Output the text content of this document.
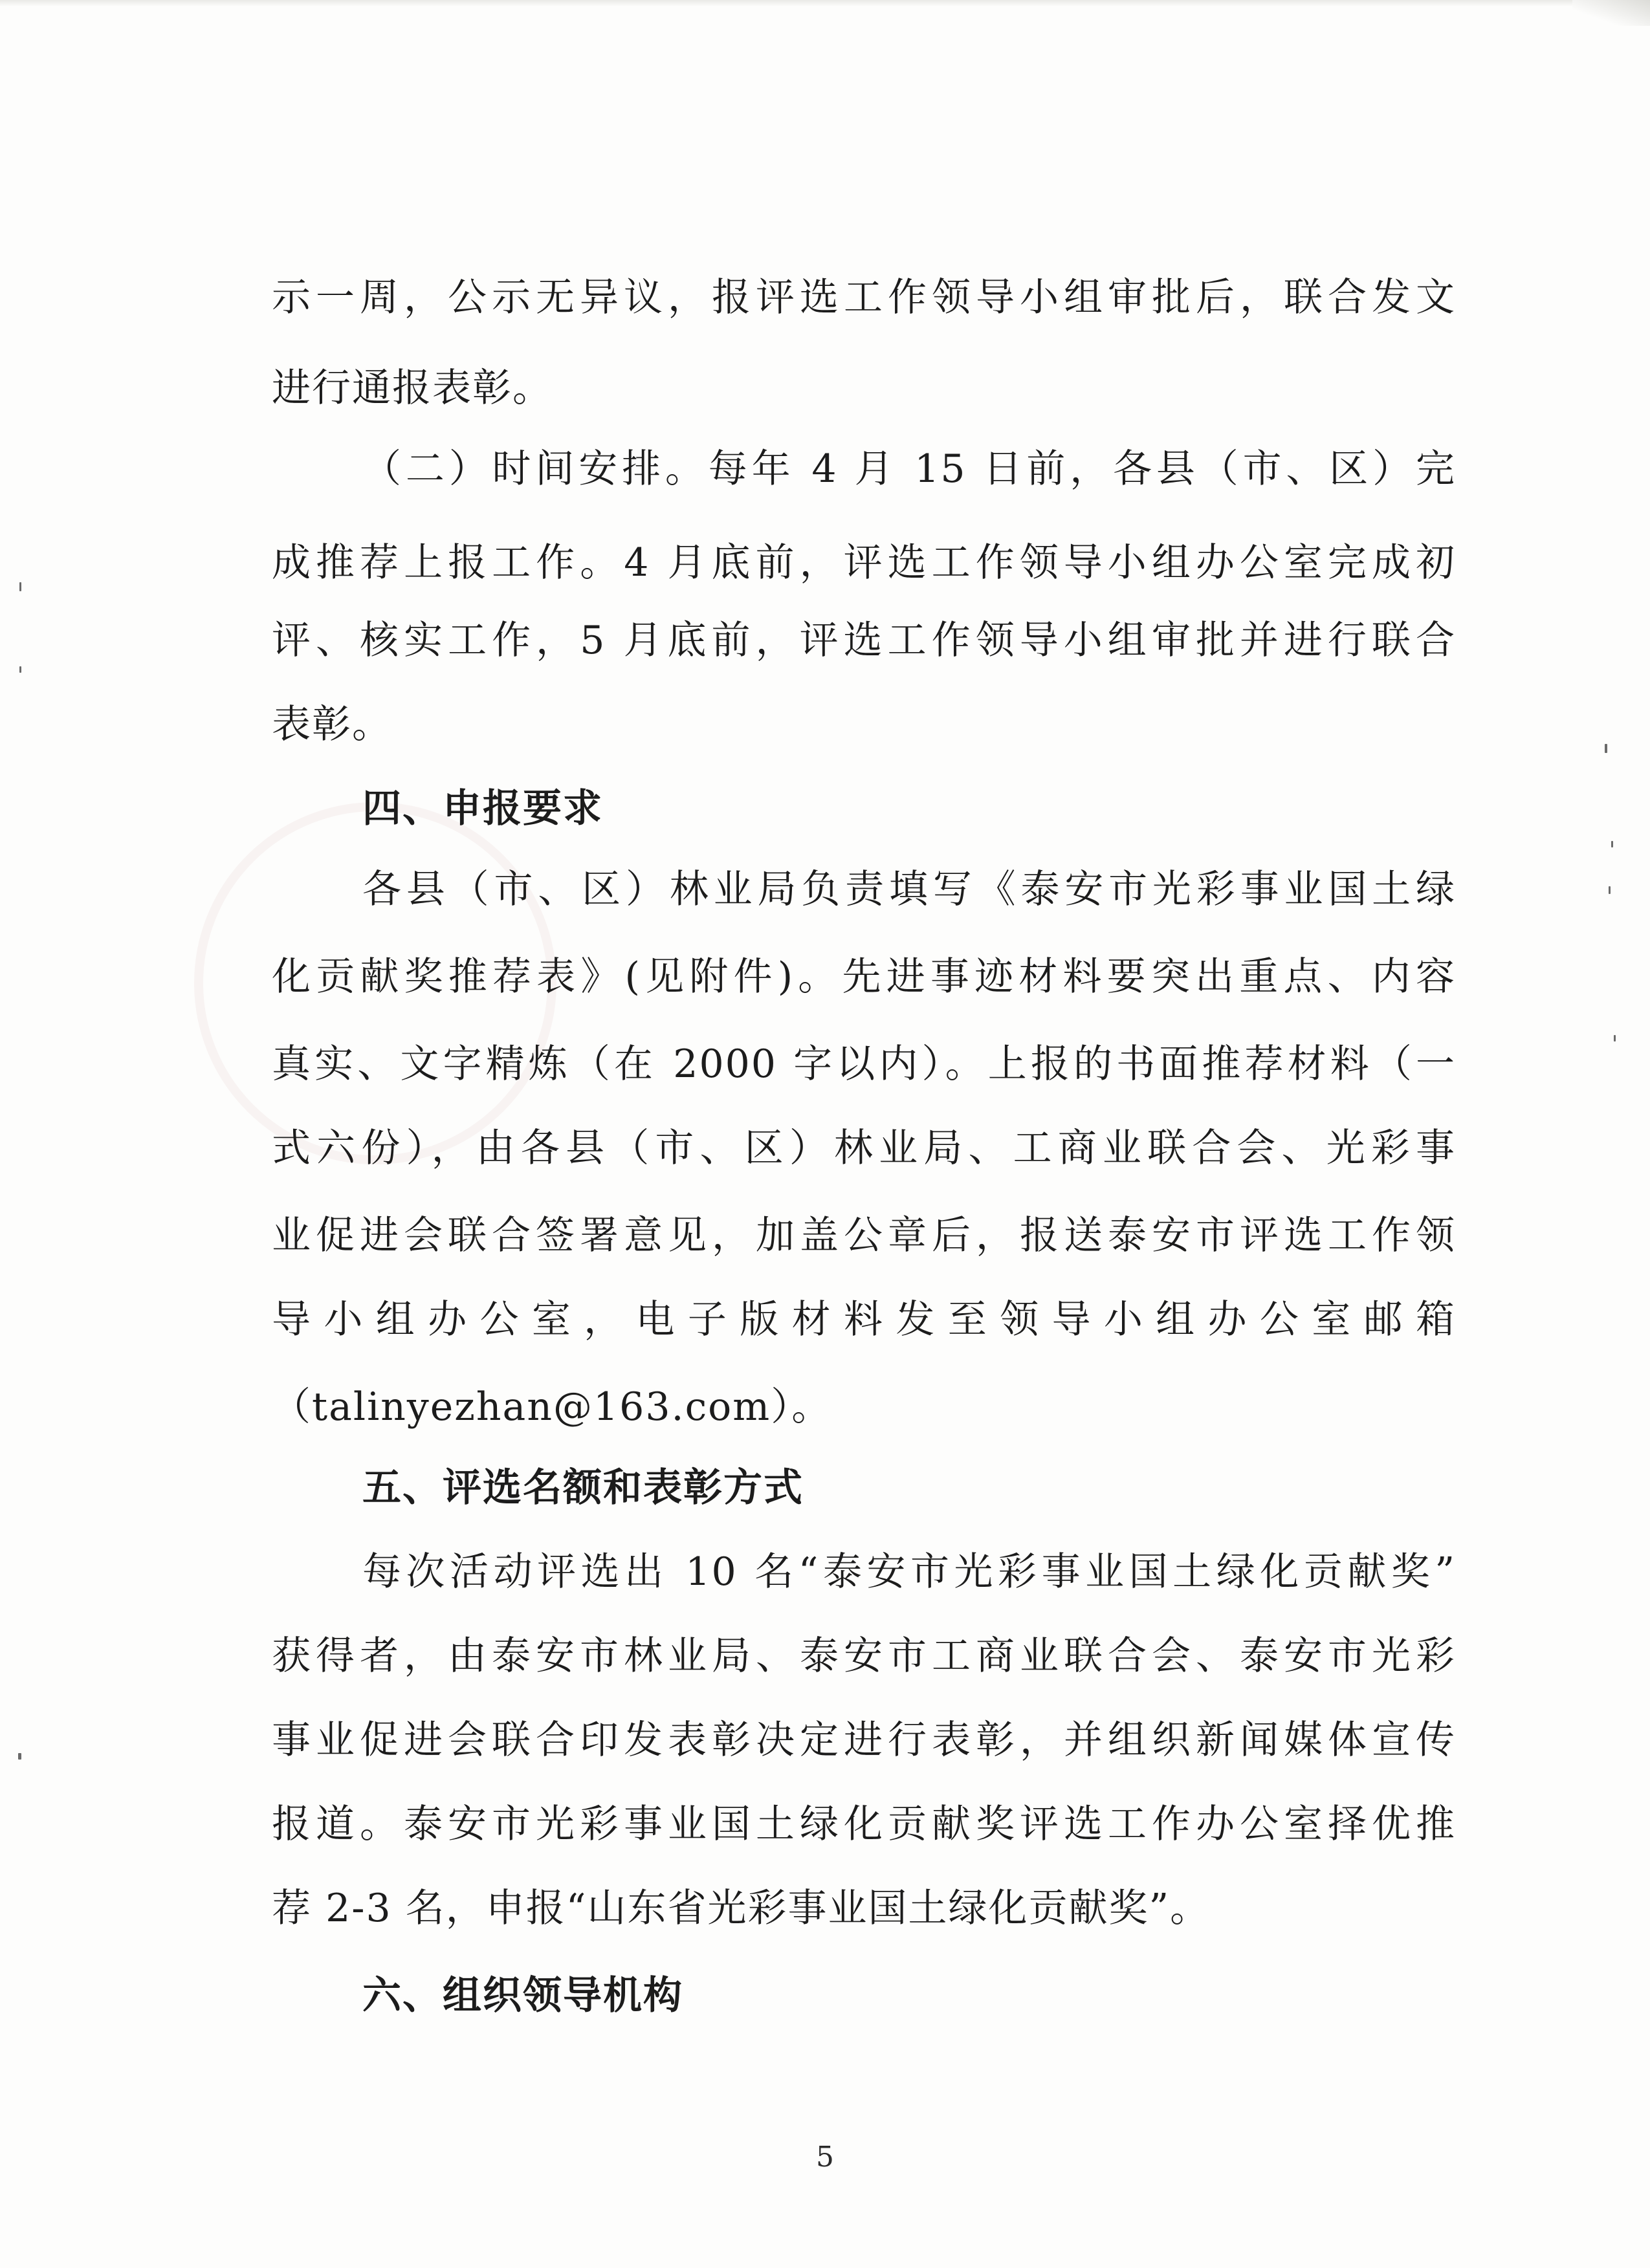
示一周，公示无异议，报评选工作领导小组审批后，联合发文
进行通报表彰。
（二）时间安排。每年 4 月 15 日前，各县（市、区）完
成推荐上报工作。4 月底前，评选工作领导小组办公室完成初
评、核实工作，5 月底前，评选工作领导小组审批并进行联合
表彰。
四、申报要求
各县（市、区）林业局负责填写《泰安市光彩事业国土绿
化贡献奖推荐表》(见附件)。先进事迹材料要突出重点、内容
真实、文字精炼（在 2000 字以内）。上报的书面推荐材料（一
式六份），由各县（市、区）林业局、工商业联合会、光彩事
业促进会联合签署意见，加盖公章后，报送泰安市评选工作领
导小组办公室，电子版材料发至领导小组办公室邮箱
（talinyezhan@163.com）。
五、评选名额和表彰方式
每次活动评选出 10 名“泰安市光彩事业国土绿化贡献奖”
获得者，由泰安市林业局、泰安市工商业联合会、泰安市光彩
事业促进会联合印发表彰决定进行表彰，并组织新闻媒体宣传
报道。泰安市光彩事业国土绿化贡献奖评选工作办公室择优推
荐 2-3 名，申报“山东省光彩事业国土绿化贡献奖”。
六、组织领导机构
5
